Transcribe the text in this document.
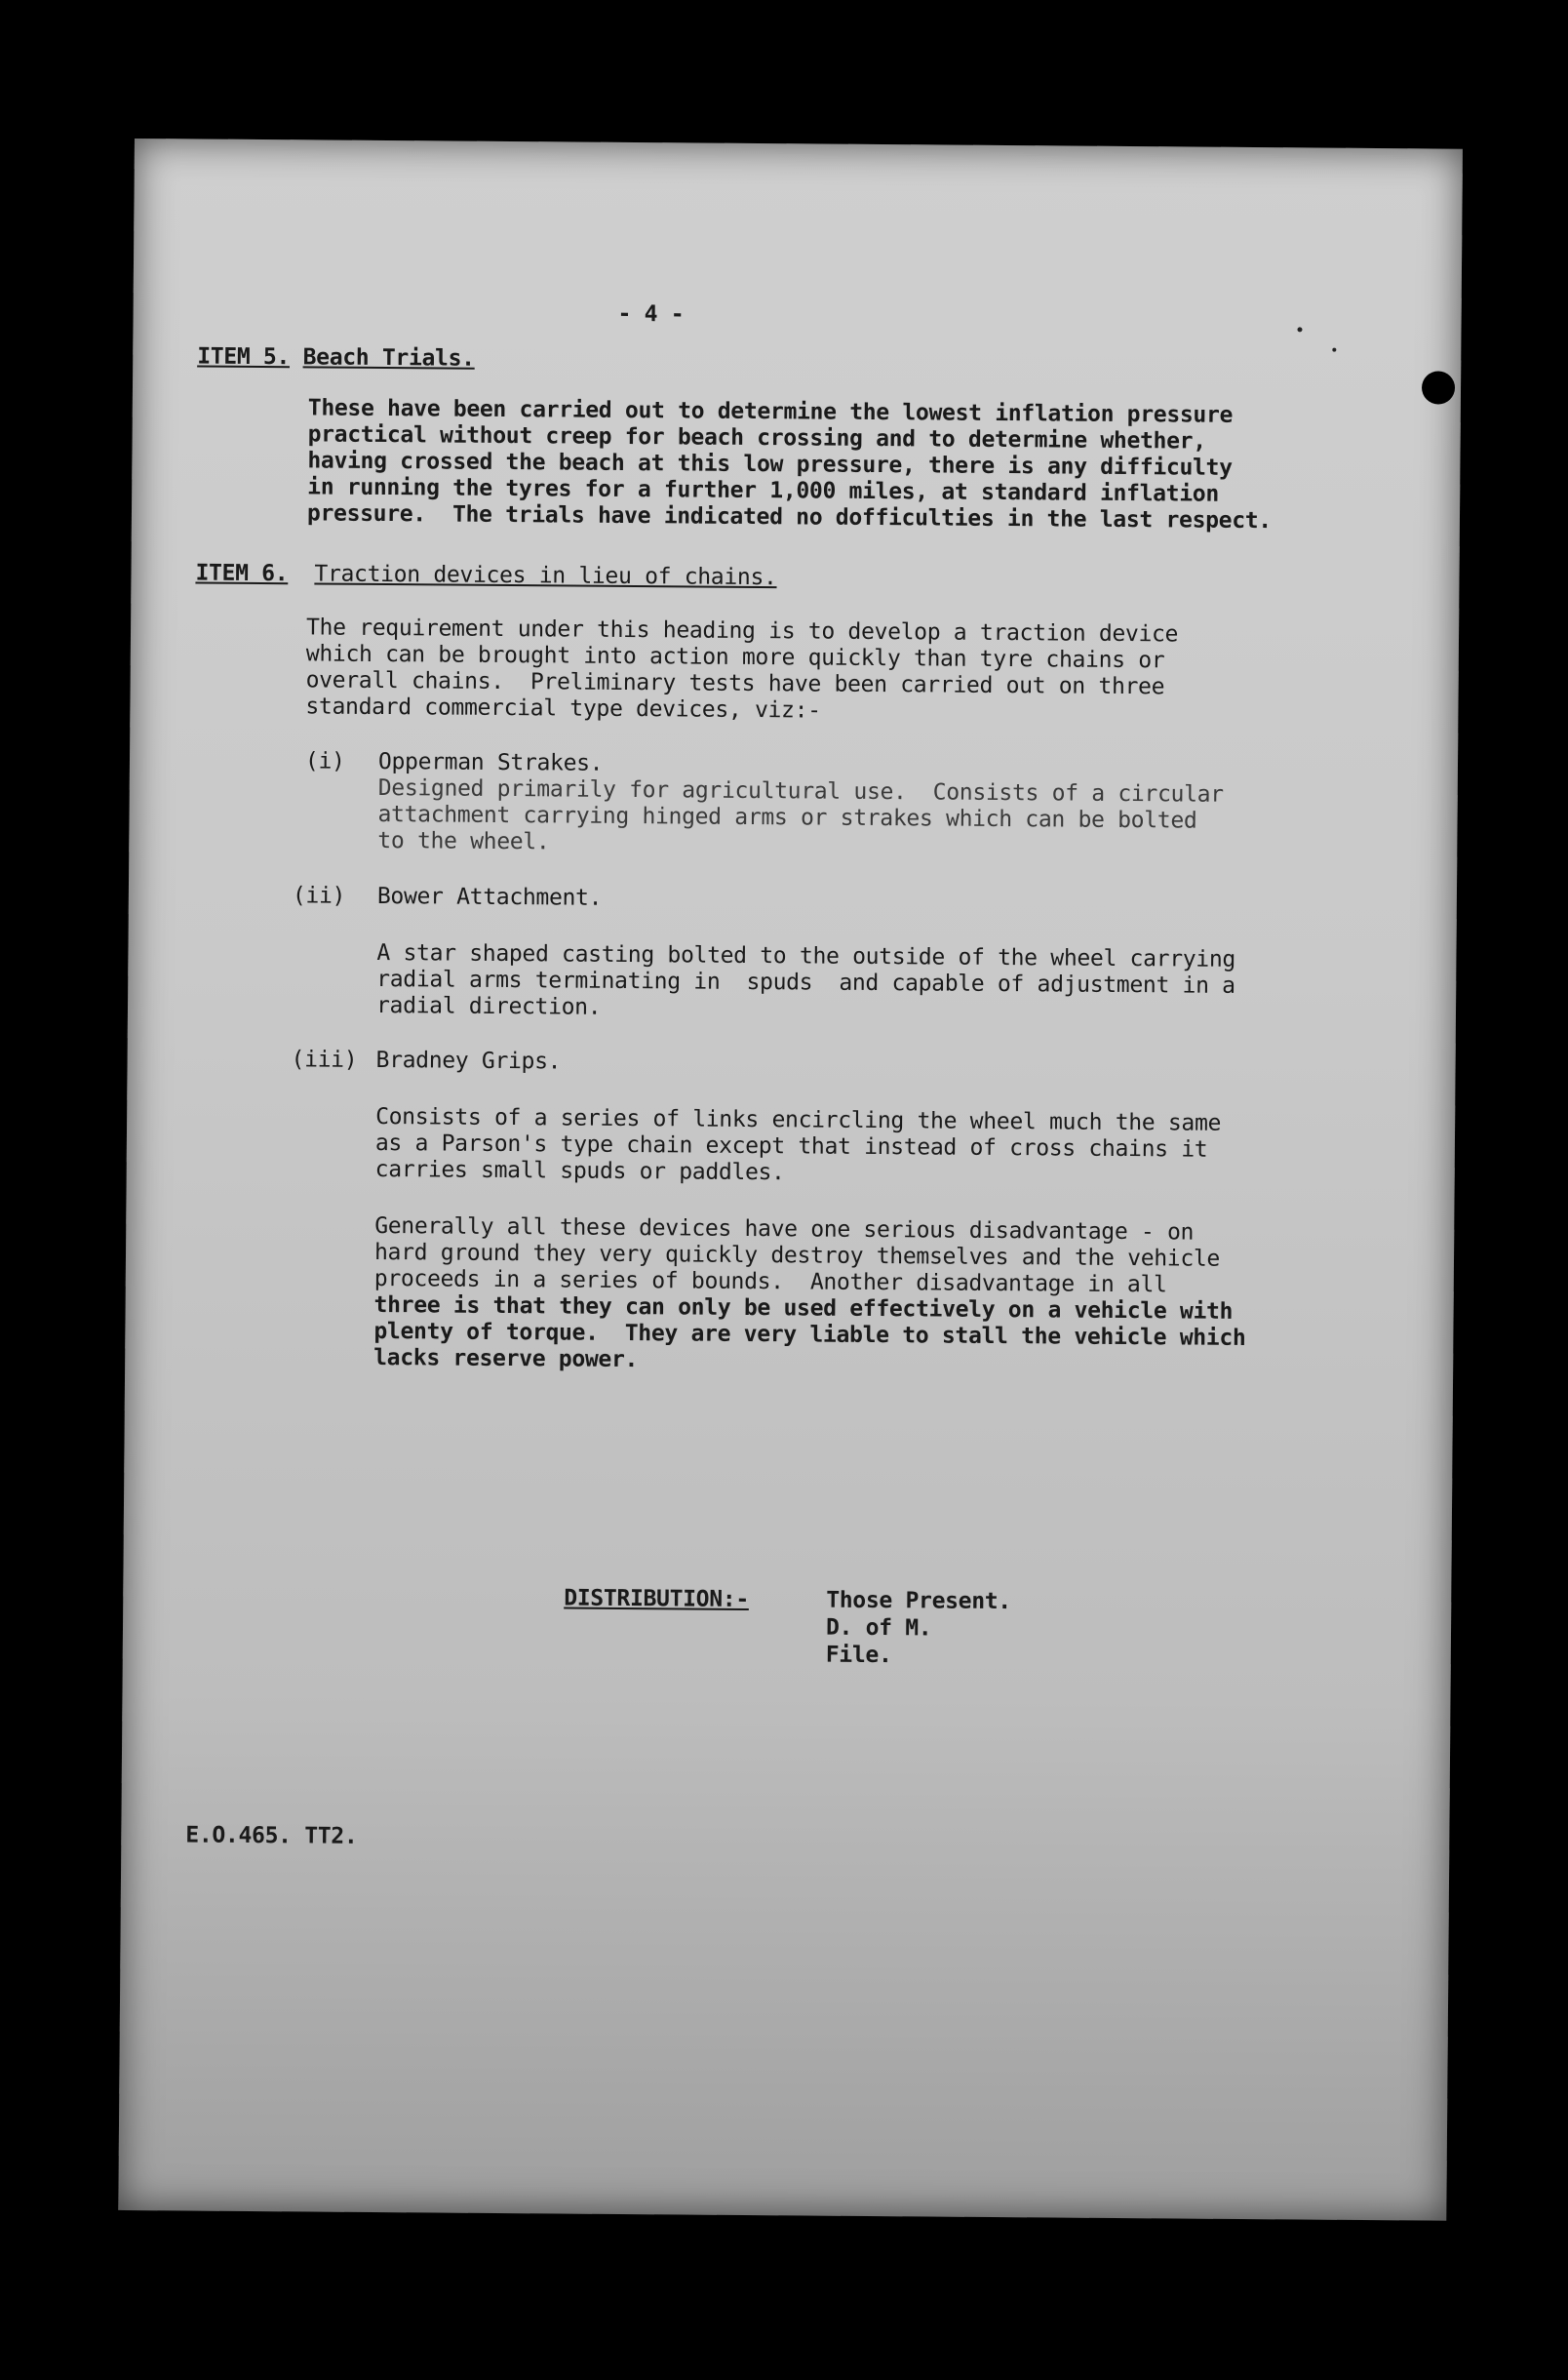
- 4 -
ITEM 5. Beach Trials.
These have been carried out to determine the lowest inflation pressure
practical without creep for beach crossing and to determine whether,
having crossed the beach at this low pressure, there is any difficulty
in running the tyres for a further 1,000 miles, at standard inflation
pressure.  The trials have indicated no dofficulties in the last respect.
ITEM 6. Traction devices in lieu of chains.
The requirement under this heading is to develop a traction device
which can be brought into action more quickly than tyre chains or
overall chains.  Preliminary tests have been carried out on three
standard commercial type devices, viz:-
(i) Opperman Strakes.
Designed primarily for agricultural use.  Consists of a circular
attachment carrying hinged arms or strakes which can be bolted
to the wheel.
(ii) Bower Attachment.
A star shaped casting bolted to the outside of the wheel carrying
radial arms terminating in  spuds  and capable of adjustment in a
radial direction.
(iii) Bradney Grips.
Consists of a series of links encircling the wheel much the same
as a Parson's type chain except that instead of cross chains it
carries small spuds or paddles.
Generally all these devices have one serious disadvantage - on
hard ground they very quickly destroy themselves and the vehicle
proceeds in a series of bounds.  Another disadvantage in all
three is that they can only be used effectively on a vehicle with
plenty of torque.  They are very liable to stall the vehicle which
lacks reserve power.
DISTRIBUTION:-	Those Present.
D. of M.
File.
E.O.465. TT2.
